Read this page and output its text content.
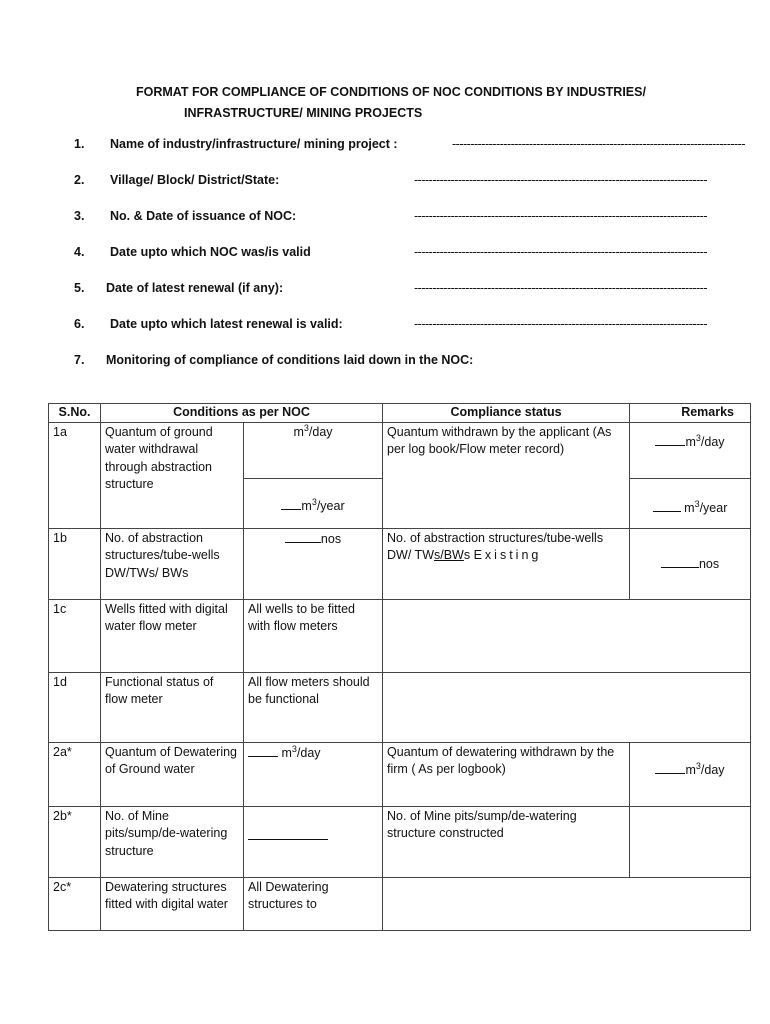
FORMAT FOR COMPLIANCE OF CONDITIONS OF NOC CONDITIONS BY INDUSTRIES/
INFRASTRUCTURE/ MINING PROJECTS
1. Name of industry/infrastructure/ mining project :	--------------------------------------------------------------------------------
2. Village/ Block/ District/State:	--------------------------------------------------------------------------------
3. No. & Date of issuance of NOC:	--------------------------------------------------------------------------------
4. Date upto which NOC was/is valid	--------------------------------------------------------------------------------
5. Date of latest renewal (if any):	--------------------------------------------------------------------------------
6. Date upto which latest renewal is valid:	--------------------------------------------------------------------------------
7. Monitoring of compliance of conditions laid down in the NOC:
S.No.	Conditions as per NOC		Compliance status	Remarks
1a	Quantum of ground water withdrawal through abstraction structure	$m^3$/day	Quantum withdrawn by the applicant (As per log book/Flow meter record)	$m^3$/day
		$m^3$/year		$m^3$/year
1b	No. of abstraction structures/tube-wells DW/TWs/ BWs	nos	No. of abstraction structures/tube-wells DW/ TWs/BWs Existing	nos
1c	Wells fitted with digital water flow meter	All wells to be fitted with flow meters		
1d	Functional status of flow meter	All flow meters should be functional		
2a*	Quantum of Dewatering of Ground water	$m^3$/day	Quantum of dewatering withdrawn by the firm ( As per logbook)	$m^3$/day
2b*	No. of Mine pits/sump/de-watering structure		No. of Mine pits/sump/de-watering structure constructed	
2c*	Dewatering structures fitted with digital water	All Dewatering structures to		
